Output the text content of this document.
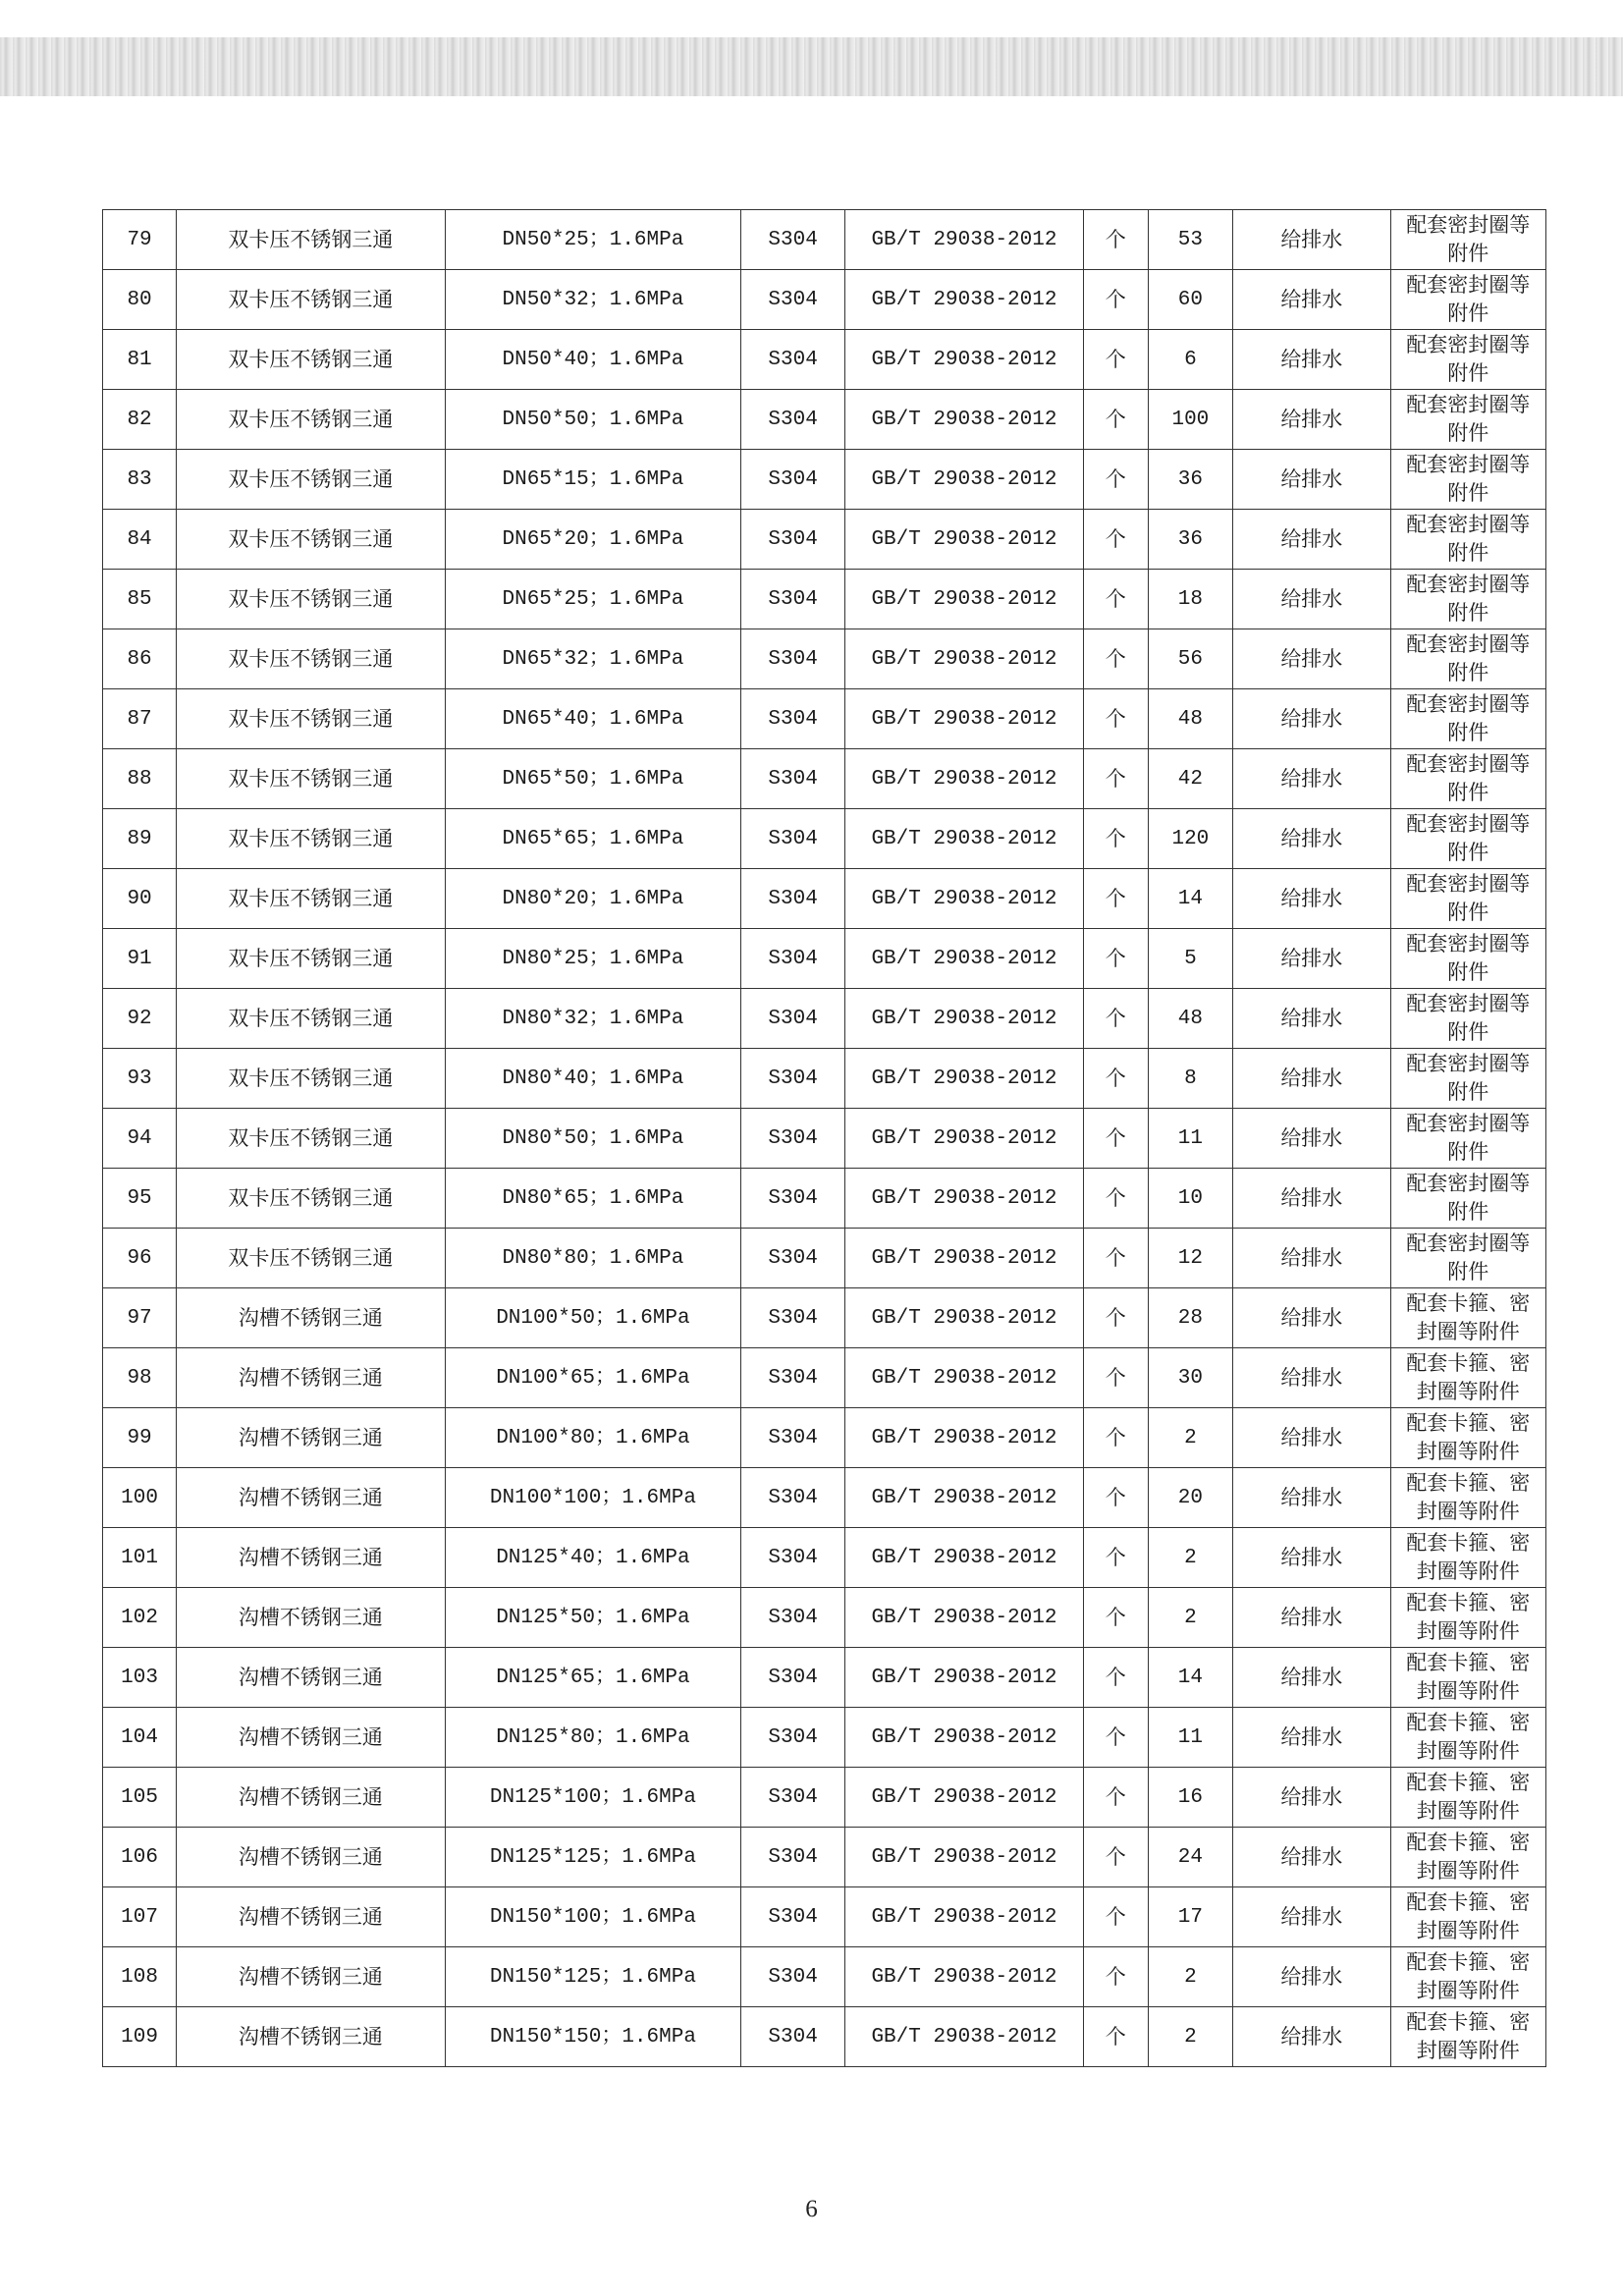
79	双卡压不锈钢三通	DN50*25；1.6MPa	S304	GB/T 29038-2012	个	53	给排水	配套密封圈等附件
80	双卡压不锈钢三通	DN50*32；1.6MPa	S304	GB/T 29038-2012	个	60	给排水	配套密封圈等附件
81	双卡压不锈钢三通	DN50*40；1.6MPa	S304	GB/T 29038-2012	个	6	给排水	配套密封圈等附件
82	双卡压不锈钢三通	DN50*50；1.6MPa	S304	GB/T 29038-2012	个	100	给排水	配套密封圈等附件
83	双卡压不锈钢三通	DN65*15；1.6MPa	S304	GB/T 29038-2012	个	36	给排水	配套密封圈等附件
84	双卡压不锈钢三通	DN65*20；1.6MPa	S304	GB/T 29038-2012	个	36	给排水	配套密封圈等附件
85	双卡压不锈钢三通	DN65*25；1.6MPa	S304	GB/T 29038-2012	个	18	给排水	配套密封圈等附件
86	双卡压不锈钢三通	DN65*32；1.6MPa	S304	GB/T 29038-2012	个	56	给排水	配套密封圈等附件
87	双卡压不锈钢三通	DN65*40；1.6MPa	S304	GB/T 29038-2012	个	48	给排水	配套密封圈等附件
88	双卡压不锈钢三通	DN65*50；1.6MPa	S304	GB/T 29038-2012	个	42	给排水	配套密封圈等附件
89	双卡压不锈钢三通	DN65*65；1.6MPa	S304	GB/T 29038-2012	个	120	给排水	配套密封圈等附件
90	双卡压不锈钢三通	DN80*20；1.6MPa	S304	GB/T 29038-2012	个	14	给排水	配套密封圈等附件
91	双卡压不锈钢三通	DN80*25；1.6MPa	S304	GB/T 29038-2012	个	5	给排水	配套密封圈等附件
92	双卡压不锈钢三通	DN80*32；1.6MPa	S304	GB/T 29038-2012	个	48	给排水	配套密封圈等附件
93	双卡压不锈钢三通	DN80*40；1.6MPa	S304	GB/T 29038-2012	个	8	给排水	配套密封圈等附件
94	双卡压不锈钢三通	DN80*50；1.6MPa	S304	GB/T 29038-2012	个	11	给排水	配套密封圈等附件
95	双卡压不锈钢三通	DN80*65；1.6MPa	S304	GB/T 29038-2012	个	10	给排水	配套密封圈等附件
96	双卡压不锈钢三通	DN80*80；1.6MPa	S304	GB/T 29038-2012	个	12	给排水	配套密封圈等附件
97	沟槽不锈钢三通	DN100*50；1.6MPa	S304	GB/T 29038-2012	个	28	给排水	配套卡箍、密封圈等附件
98	沟槽不锈钢三通	DN100*65；1.6MPa	S304	GB/T 29038-2012	个	30	给排水	配套卡箍、密封圈等附件
99	沟槽不锈钢三通	DN100*80；1.6MPa	S304	GB/T 29038-2012	个	2	给排水	配套卡箍、密封圈等附件
100	沟槽不锈钢三通	DN100*100；1.6MPa	S304	GB/T 29038-2012	个	20	给排水	配套卡箍、密封圈等附件
101	沟槽不锈钢三通	DN125*40；1.6MPa	S304	GB/T 29038-2012	个	2	给排水	配套卡箍、密封圈等附件
102	沟槽不锈钢三通	DN125*50；1.6MPa	S304	GB/T 29038-2012	个	2	给排水	配套卡箍、密封圈等附件
103	沟槽不锈钢三通	DN125*65；1.6MPa	S304	GB/T 29038-2012	个	14	给排水	配套卡箍、密封圈等附件
104	沟槽不锈钢三通	DN125*80；1.6MPa	S304	GB/T 29038-2012	个	11	给排水	配套卡箍、密封圈等附件
105	沟槽不锈钢三通	DN125*100；1.6MPa	S304	GB/T 29038-2012	个	16	给排水	配套卡箍、密封圈等附件
106	沟槽不锈钢三通	DN125*125；1.6MPa	S304	GB/T 29038-2012	个	24	给排水	配套卡箍、密封圈等附件
107	沟槽不锈钢三通	DN150*100；1.6MPa	S304	GB/T 29038-2012	个	17	给排水	配套卡箍、密封圈等附件
108	沟槽不锈钢三通	DN150*125；1.6MPa	S304	GB/T 29038-2012	个	2	给排水	配套卡箍、密封圈等附件
109	沟槽不锈钢三通	DN150*150；1.6MPa	S304	GB/T 29038-2012	个	2	给排水	配套卡箍、密封圈等附件
6
